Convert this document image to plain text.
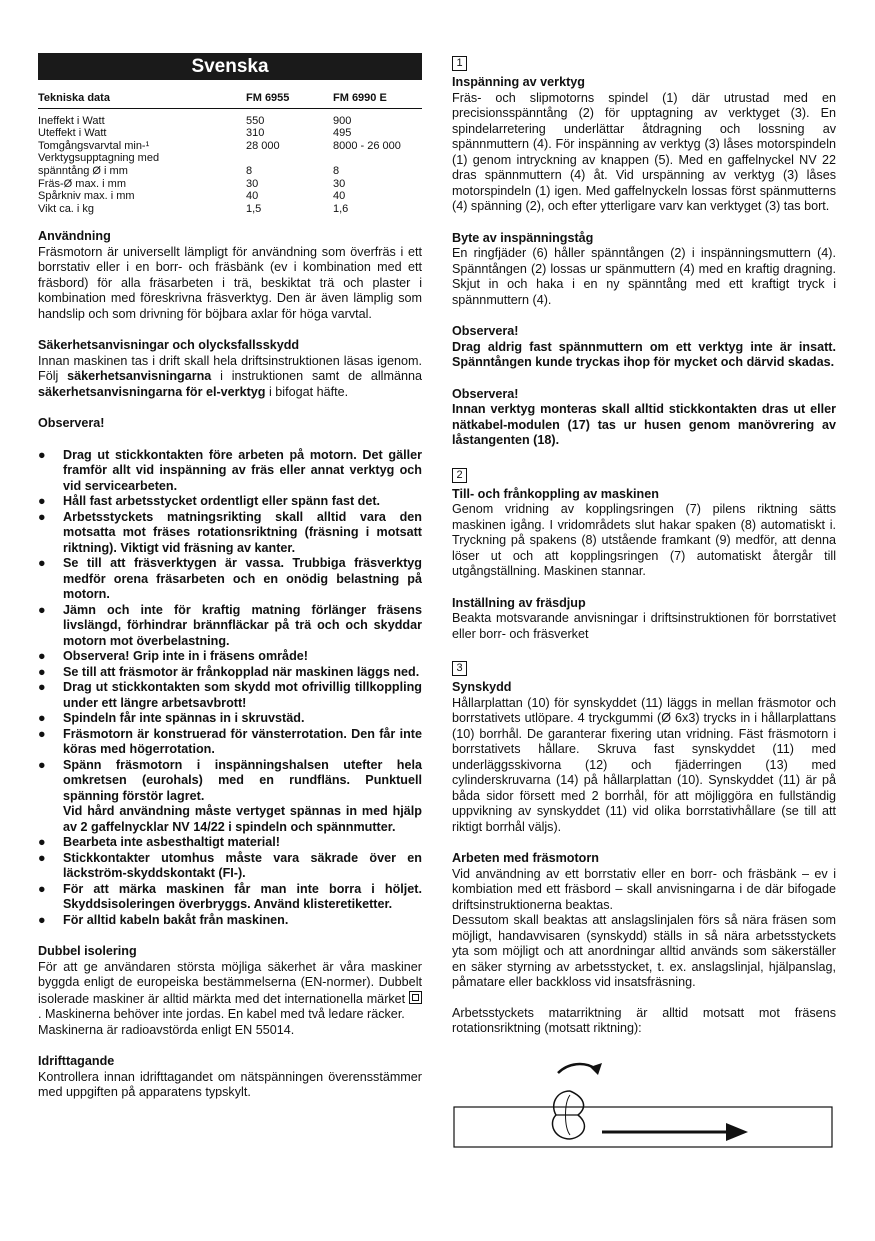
Svenska
Tekniska data	FM 6955	FM 6990 E
Ineffekt i Watt	550	900
Uteffekt i Watt	310	495
Tomgångsvarvtal min-¹	28 000	8000 - 26 000
Verktygsupptagning med
spänntång Ø i mm	8	8
Fräs-Ø max. i mm	30	30
Spårkniv max. i mm	40	40
Vikt ca. i kg	1,5	1,6
Användning

Fräsmotorn är universellt lämpligt för användning som överfräs i ett borrstativ eller i en borr- och fräsbänk (ev i kombination med ett fräsbord) för alla fräsarbeten i trä, beskiktat trä och plaster i kombination med föreskrivna fräsverktyg. Den är även lämplig som handslip och som drivning för böjbara axlar för höga varvtal.

Säkerhetsanvisningar och olycksfallsskydd

Innan maskinen tas i drift skall hela driftsinstruktionen läsas igenom. Följ säkerhetsanvisningarna i instruktionen samt de allmänna säkerhetsanvisningarna för el-verktyg i bifogat häfte.

Observera!
● Drag ut stickkontakten före arbeten på motorn. Det gäller framför allt vid inspänning av fräs eller annat verktyg och vid servicearbeten.
● Håll fast arbetsstycket ordentligt eller spänn fast det.
● Arbetsstyckets matningsrikting skall alltid vara den motsatta mot fräses rotationsriktning (fräsning i motsatt riktning). Viktigt vid fräsning av kanter.
● Se till att fräsverktygen är vassa. Trubbiga fräsverktyg medför orena fräsarbeten och en onödig belastning på motorn.
● Jämn och inte för kraftig matning förlänger fräsens livslängd, förhindrar brännfläckar på trä och och skyddar motorn mot överbelastning.
● Observera! Grip inte in i fräsens område!
● Se till att fräsmotor är frånkopplad när maskinen läggs ned.
● Drag ut stickkontakten som skydd mot ofrivillig tillkoppling under ett längre arbetsavbrott!
● Spindeln får inte spännas in i skruvstäd.
● Fräsmotorn är konstruerad för vänsterrotation. Den får inte köras med högerrotation.
● Spänn fräsmotorn i inspänningshalsen utefter hela omkretsen (eurohals) med en rundfläns. Punktuell spänning förstör lagret.
Vid hård användning måste vertyget spännas in med hjälp av 2 gaffelnycklar NV 14/22 i spindeln och spännmutter.
● Bearbeta inte asbesthaltigt material!
● Stickkontakter utomhus måste vara säkrade över en läckström-skyddskontakt (FI-).
● För att märka maskinen får man inte borra i höljet. Skyddsisoleringen överbryggs. Använd klisteretiketter.
● För alltid kabeln bakåt från maskinen.
Dubbel isolering

För att ge användaren största möjliga säkerhet är våra maskiner byggda enligt de europeiska bestämmelserna (EN-normer). Dubbelt isolerade maskiner är alltid märkta med det internationella märket
. Maskinerna behöver inte jordas. En kabel med två ledare räcker.

Maskinerna är radioavstörda enligt EN 55014.

Idrifttagande

Kontrollera innan idrifttagandet om nätspänningen överensstämmer med uppgiften på apparatens typskylt.

1
Inspänning av verktyg

Fräs- och slipmotorns spindel (1) där utrustad med en precisionsspänntång (2) för upptagning av verktyget (3). En spindelarretering underlättar åtdragning och lossning av spännmuttern (4). För inspänning av verktyg (3) låses motorspindeln (1) genom intryckning av knappen (5). Med en gaffelnyckel NV 22 dras spännmuttern (4) åt. Vid urspänning av verktyg (3) låses motorspindeln (1) igen. Med gaffelnyckeln lossas först spänmutterns (4) spänning (2), och efter ytterligare varv kan verktyget (3) tas bort.

Byte av inspänningståg

En ringfjäder (6) håller spänntången (2) i inspänningsmuttern (4). Spänntången (2) lossas ur spänmuttern (4) med en kraftig dragning. Skjut in och haka i en ny spänntång med ett kraftigt tryck i spännmuttern (4).

Observera!

Drag aldrig fast spännmuttern om ett verktyg inte är insatt. Spänntången kunde tryckas ihop för mycket och därvid skadas.

Observera!

Innan verktyg monteras skall alltid stickkontakten dras ut eller nätkabel-modulen (17) tas ur husen genom manövrering av låstangenten (18).

2
Till- och frånkoppling av maskinen

Genom vridning av kopplingsringen (7) pilens riktning sätts maskinen igång. I vridområdets slut hakar spaken (8) automatiskt i. Tryckning på spakens (8) utstående framkant (9) medför, att denna löser ut och att kopplingsringen (7) automatiskt återgår till utgångställning. Maskinen stannar.

Inställning av fräsdjup

Beakta motsvarande anvisningar i driftsinstruktionen för borrstativet eller borr- och fräsverket

3
Synskydd

Hållarplattan (10) för synskyddet (11) läggs in mellan fräsmotor och borrstativets utlöpare. 4 tryckgummi (Ø 6x3) trycks in i hållarplattans (10) borrhål. De garanterar fixering utan vridning. Fäst fräsmotorn i borrstativets hållare. Skruva fast synskyddet (11) med underläggsskivorna (12) och fjäderringen (13) med cylinderskruvarna (14) på hållarplattan (10). Synskyddet (11) är på båda sidor försett med 2 borrhål, för att möjliggöra en fullständig uppvikning av synskyddet (11) vid olika borrstativhållare (se till att riktigt borrhål väljs).

Arbeten med fräsmotorn

Vid användning av ett borrstativ eller en borr- och fräsbänk – ev i kombiation med ett fräsbord – skall anvisningarna i de där bifogade driftsinstruktionerna beaktas.

Dessutom skall beaktas att anslagslinjalen förs så nära fräsen som möjligt, handavvisaren (synskydd) ställs in så nära arbetsstyckets yta som möjligt och att anordningar alltid används som säkerställer en säker styrning av arbetsstycket, t. ex. anslagslinjal, hjälpanslag, påmatare eller backkloss vid insatsfräsning.

Arbetsstyckets matarriktning är alltid motsatt mot fräsens rotationsriktning (motsatt riktning):
